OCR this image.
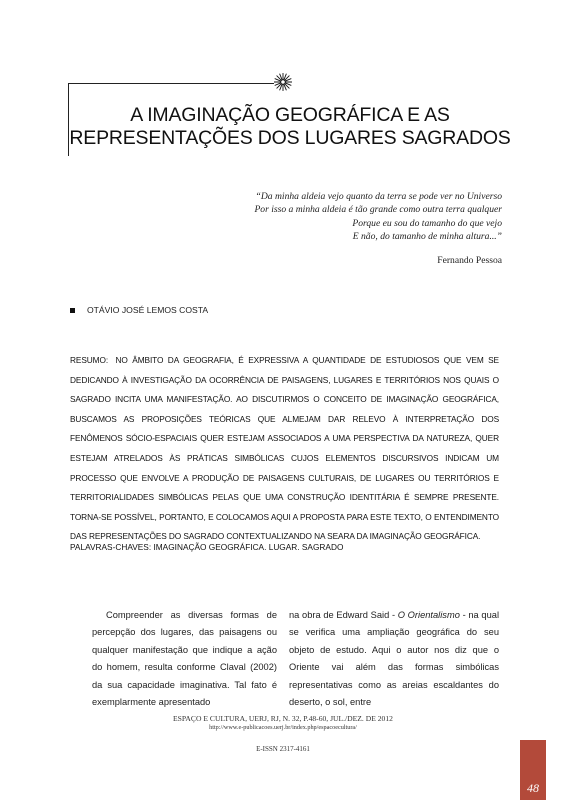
A IMAGINAÇÃO GEOGRÁFICA E AS
REPRESENTAÇÕES DOS LUGARES SAGRADOS
“Da minha aldeia vejo quanto da terra se pode ver no Universo
Por isso a minha aldeia é tão grande como outra terra qualquer
Porque eu sou do tamanho do que vejo
E não, do tamanho de minha altura...”
Fernando Pessoa
OTÁVIO JOSÉ LEMOS COSTA
RESUMO: NO ÂMBITO DA GEOGRAFIA, É EXPRESSIVA A QUANTIDADE DE ESTUDIOSOS QUE VEM SE DEDICANDO À INVESTIGAÇÃO DA OCORRÊNCIA DE PAISAGENS, LUGARES E TERRITÓRIOS NOS QUAIS O SAGRADO INCITA UMA MANIFESTAÇÃO. AO DISCUTIRMOS O CONCEITO DE IMAGINAÇÃO GEOGRÁFICA, BUSCAMOS AS PROPOSIÇÕES TEÓRICAS QUE ALMEJAM DAR RELEVO À INTERPRETAÇÃO DOS FENÔMENOS SÓCIO-ESPACIAIS QUER ESTEJAM ASSOCIADOS A UMA PERSPECTIVA DA NATUREZA, QUER ESTEJAM ATRELADOS ÀS PRÁTICAS SIMBÓLICAS CUJOS ELEMENTOS DISCURSIVOS INDICAM UM PROCESSO QUE ENVOLVE A PRODUÇÃO DE PAISAGENS CULTURAIS, DE LUGARES OU TERRITÓRIOS E TERRITORIALIDADES SIMBÓLICAS PELAS QUE UMA CONSTRUÇÃO IDENTITÁRIA É SEMPRE PRESENTE. TORNA-SE POSSÍVEL, PORTANTO, E COLOCAMOS AQUI A PROPOSTA PARA ESTE TEXTO, O ENTENDIMENTO DAS REPRESENTAÇÕES DO SAGRADO CONTEXTUALIZANDO NA SEARA DA IMAGINAÇÃO GEOGRÁFICA.
PALAVRAS-CHAVES: IMAGINAÇÃO GEOGRÁFICA. LUGAR. SAGRADO
Compreender as diversas formas de percepção dos lugares, das paisagens ou qualquer manifestação que indique a ação do homem, resulta conforme Claval (2002) da sua capacidade imaginativa. Tal fato é exemplarmente apresentado
na obra de Edward Said - O Orientalismo - na qual se verifica uma ampliação geográfica do seu objeto de estudo. Aqui o autor nos diz que o Oriente vai além das formas simbólicas representativas como as areias escaldantes do deserto, o sol, entre
ESPAÇO E CULTURA, UERJ, RJ, N. 32, P.48-60, JUL./DEZ. DE 2012
http://www.e-publicacoes.uerj.br/index.php/espacoecultura/
E-ISSN 2317-4161
48
